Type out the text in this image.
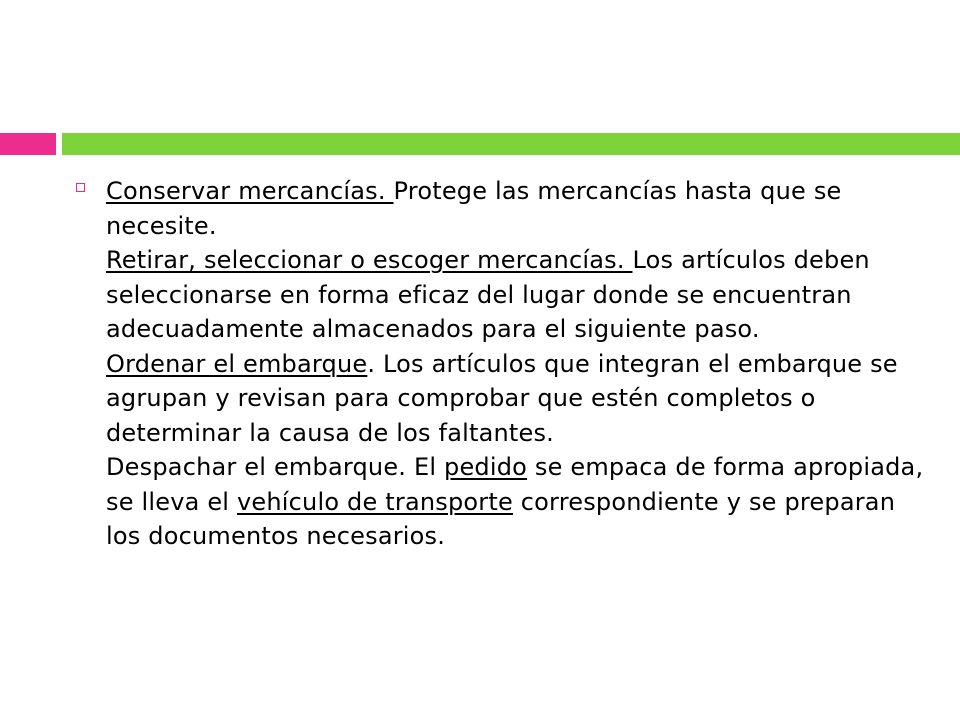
Conservar mercancías. Protege las mercancías hasta que se necesite.
Retirar, seleccionar o escoger mercancías. Los artículos deben seleccionarse en forma eficaz del lugar donde se encuentran adecuadamente almacenados para el siguiente paso.
Ordenar el embarque. Los artículos que integran el embarque se agrupan y revisan para comprobar que estén completos o determinar la causa de los faltantes.
Despachar el embarque. El pedido se empaca de forma apropiada, se lleva el vehículo de transporte correspondiente y se preparan los documentos necesarios.
